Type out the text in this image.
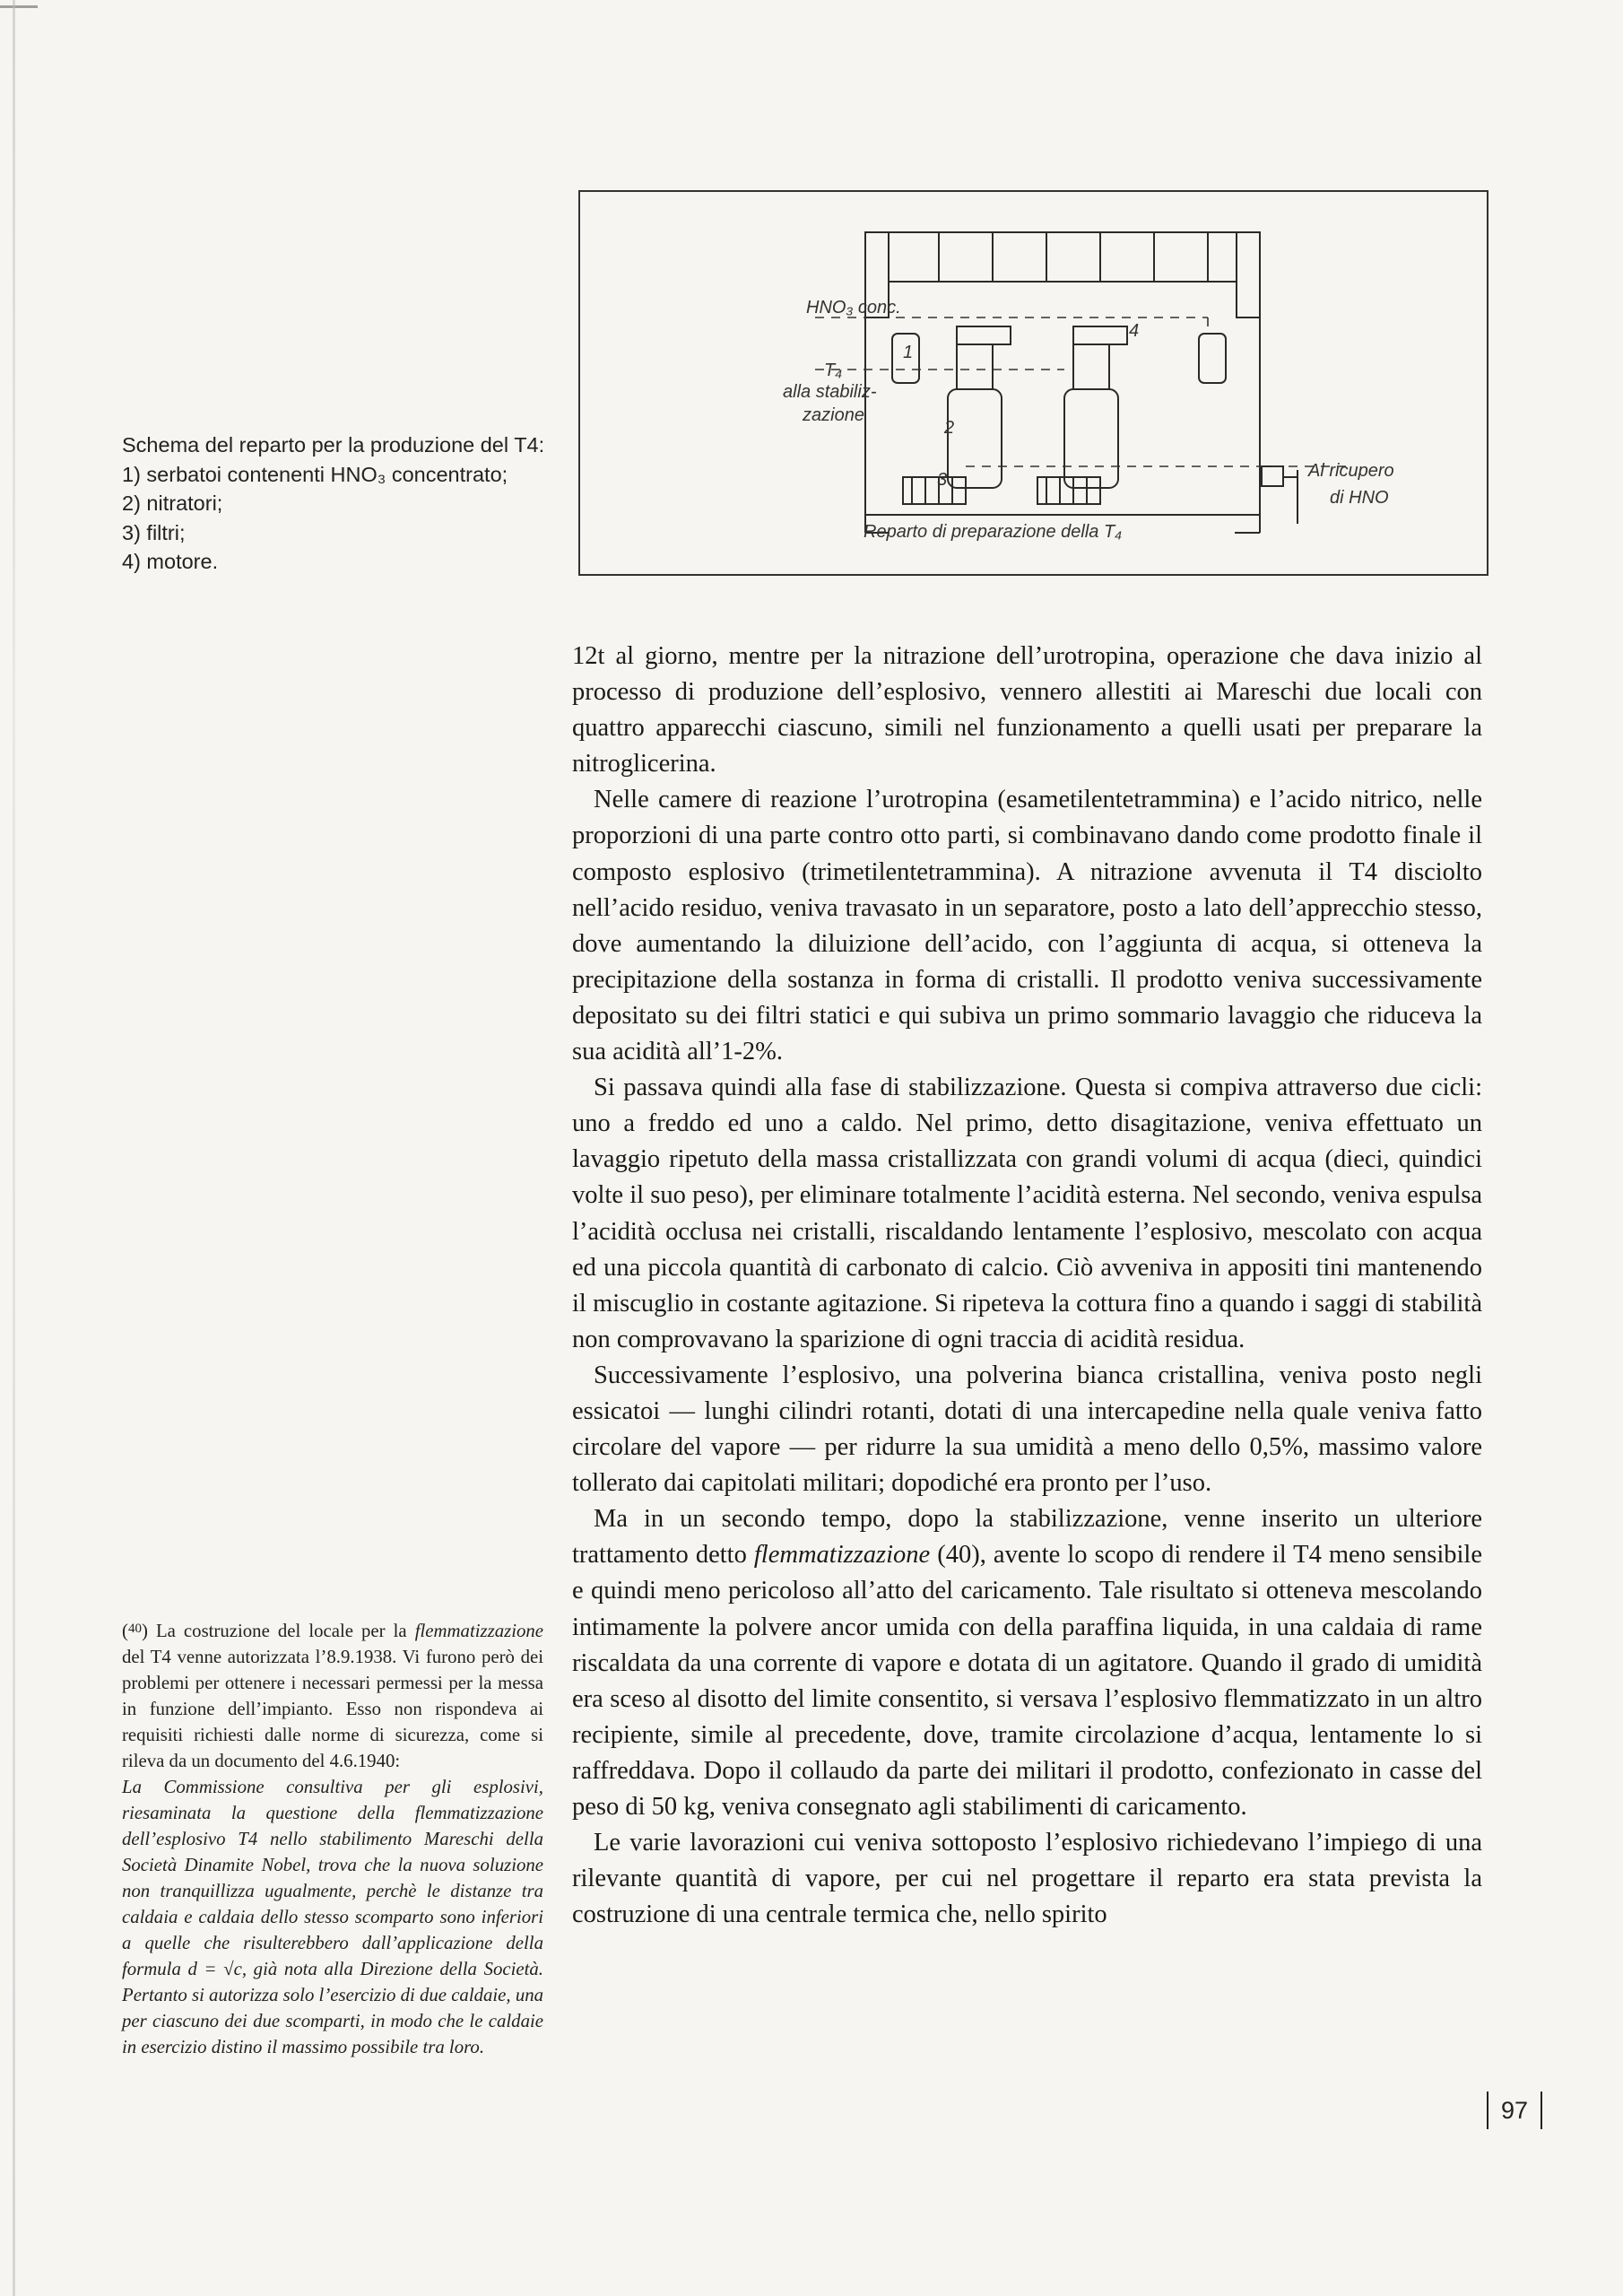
Schema del reparto per la produzione del T4:
1) serbatoi contenenti HNO₃ concentrato;
2) nitratori;
3) filtri;
4) motore.
HNO₃ conc.
T₄
alla stabiliz-
zazione
1
2
3
4
Al ricupero
di HNO
Reparto di preparazione della T₄

($^{40}$) La costruzione del locale per la flemmatizzazione del T4 venne autorizzata l’8.9.1938. Vi furono però dei problemi per ottenere i necessari permessi per la messa in funzione dell’impianto. Esso non rispondeva ai requisiti richiesti dalle norme di sicurezza, come si rileva da un documento del 4.6.1940:

La Commissione consultiva per gli esplosivi, riesaminata la questione della flemmatizzazione dell’esplosivo T4 nello stabilimento Mareschi della Società Dinamite Nobel, trova che la nuova soluzione non tranquillizza ugualmente, perchè le distanze tra caldaia e caldaia dello stesso scomparto sono inferiori a quelle che risulterebbero dall’applicazione della formula d = √c, già nota alla Direzione della Società. Pertanto si autorizza solo l’esercizio di due caldaie, una per ciascuno dei due scomparti, in modo che le caldaie in esercizio distino il massimo possibile tra loro.

12t al giorno, mentre per la nitrazione dell’urotropina, operazione che dava inizio al processo di produzione dell’esplosivo, vennero allestiti ai Mareschi due locali con quattro apparecchi ciascuno, simili nel funzionamento a quelli usati per preparare la nitroglicerina.

Nelle camere di reazione l’urotropina (esametilentetrammina) e l’acido nitrico, nelle proporzioni di una parte contro otto parti, si combinavano dando come prodotto finale il composto esplosivo (trimetilentetrammina). A nitrazione avvenuta il T4 disciolto nell’acido residuo, veniva travasato in un separatore, posto a lato dell’apprecchio stesso, dove aumentando la diluizione dell’acido, con l’aggiunta di acqua, si otteneva la precipitazione della sostanza in forma di cristalli. Il prodotto veniva successivamente depositato su dei filtri statici e qui subiva un primo sommario lavaggio che riduceva la sua acidità all’1-2%.

Si passava quindi alla fase di stabilizzazione. Questa si compiva attraverso due cicli: uno a freddo ed uno a caldo. Nel primo, detto disagitazione, veniva effettuato un lavaggio ripetuto della massa cristallizzata con grandi volumi di acqua (dieci, quindici volte il suo peso), per eliminare totalmente l’acidità esterna. Nel secondo, veniva espulsa l’acidità occlusa nei cristalli, riscaldando lentamente l’esplosivo, mescolato con acqua ed una piccola quantità di carbonato di calcio. Ciò avveniva in appositi tini mantenendo il miscuglio in costante agitazione. Si ripeteva la cottura fino a quando i saggi di stabilità non comprovavano la sparizione di ogni traccia di acidità residua.

Successivamente l’esplosivo, una polverina bianca cristallina, veniva posto negli essicatoi — lunghi cilindri rotanti, dotati di una intercapedine nella quale veniva fatto circolare del vapore — per ridurre la sua umidità a meno dello 0,5%, massimo valore tollerato dai capitolati militari; dopodiché era pronto per l’uso.

Ma in un secondo tempo, dopo la stabilizzazione, venne inserito un ulteriore trattamento detto flemmatizzazione (40), avente lo scopo di rendere il T4 meno sensibile e quindi meno pericoloso all’atto del caricamento. Tale risultato si otteneva mescolando intimamente la polvere ancor umida con della paraffina liquida, in una caldaia di rame riscaldata da una corrente di vapore e dotata di un agitatore. Quando il grado di umidità era sceso al disotto del limite consentito, si versava l’esplosivo flemmatizzato in un altro recipiente, simile al precedente, dove, tramite circolazione d’acqua, lentamente lo si raffreddava. Dopo il collaudo da parte dei militari il prodotto, confezionato in casse del peso di 50 kg, veniva consegnato agli stabilimenti di caricamento.

Le varie lavorazioni cui veniva sottoposto l’esplosivo richiedevano l’impiego di una rilevante quantità di vapore, per cui nel progettare il reparto era stata prevista la costruzione di una centrale termica che, nello spirito

97
